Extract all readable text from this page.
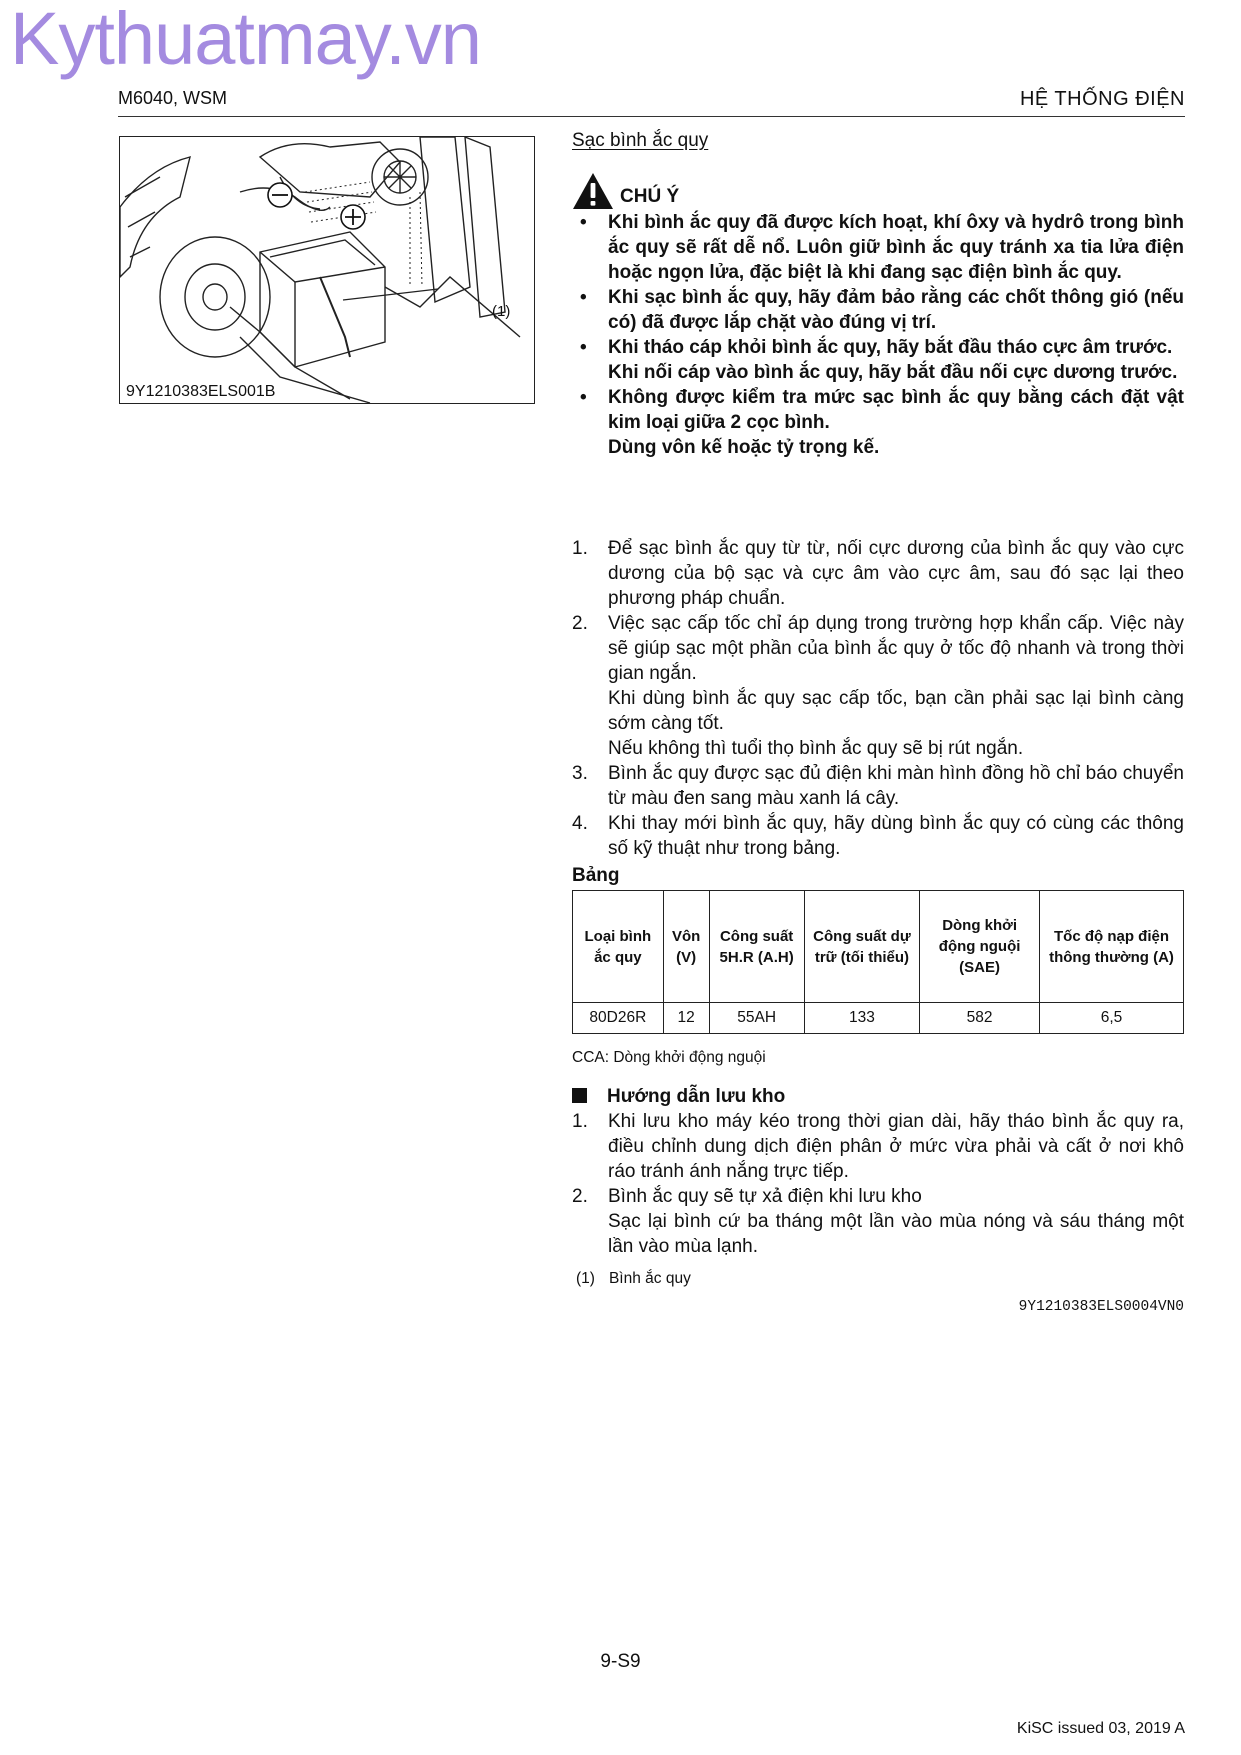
Kythuatmay.vn
M6040, WSM	HỆ THỐNG ĐIỆN
(1)
9Y1210383ELS001B
Sạc bình ắc quy
CHÚ Ý
• Khi bình ắc quy đã được kích hoạt, khí ôxy và hydrô trong bình ắc quy sẽ rất dễ nổ. Luôn giữ bình ắc quy tránh xa tia lửa điện hoặc ngọn lửa, đặc biệt là khi đang sạc điện bình ắc quy.

• Khi sạc bình ắc quy, hãy đảm bảo rằng các chốt thông gió (nếu có) đã được lắp chặt vào đúng vị trí.

• Khi tháo cáp khỏi bình ắc quy, hãy bắt đầu tháo cực âm trước.

Khi nối cáp vào bình ắc quy, hãy bắt đầu nối cực dương trước.

• Không được kiểm tra mức sạc bình ắc quy bằng cách đặt vật kim loại giữa 2 cọc bình.

Dùng vôn kế hoặc tỷ trọng kế.

1. Để sạc bình ắc quy từ từ, nối cực dương của bình ắc quy vào cực dương của bộ sạc và cực âm vào cực âm, sau đó sạc lại theo phương pháp chuẩn.

2. Việc sạc cấp tốc chỉ áp dụng trong trường hợp khẩn cấp. Việc này sẽ giúp sạc một phần của bình ắc quy ở tốc độ nhanh và trong thời gian ngắn.

Khi dùng bình ắc quy sạc cấp tốc, bạn cần phải sạc lại bình càng sớm càng tốt.

Nếu không thì tuổi thọ bình ắc quy sẽ bị rút ngắn.

3. Bình ắc quy được sạc đủ điện khi màn hình đồng hồ chỉ báo chuyển từ màu đen sang màu xanh lá cây.

4. Khi thay mới bình ắc quy, hãy dùng bình ắc quy có cùng các thông số kỹ thuật như trong bảng.

Bảng
Loại bình ắc quy	Vôn (V)	Công suất 5H.R (A.H)	Công suất dự trữ (tối thiểu)	Dòng khởi động nguội (SAE)	Tốc độ nạp điện thông thường (A)
80D26R	12	55AH	133	582	6,5
CCA: Dòng khởi động nguội
Hướng dẫn lưu kho
1. Khi lưu kho máy kéo trong thời gian dài, hãy tháo bình ắc quy ra, điều chỉnh dung dịch điện phân ở mức vừa phải và cất ở nơi khô ráo tránh ánh nắng trực tiếp.

2. Bình ắc quy sẽ tự xả điện khi lưu kho

Sạc lại bình cứ ba tháng một lần vào mùa nóng và sáu tháng một lần vào mùa lạnh.

(1) Bình ắc quy
9Y1210383ELS0004VN0
9-S9
KiSC issued 03, 2019 A
